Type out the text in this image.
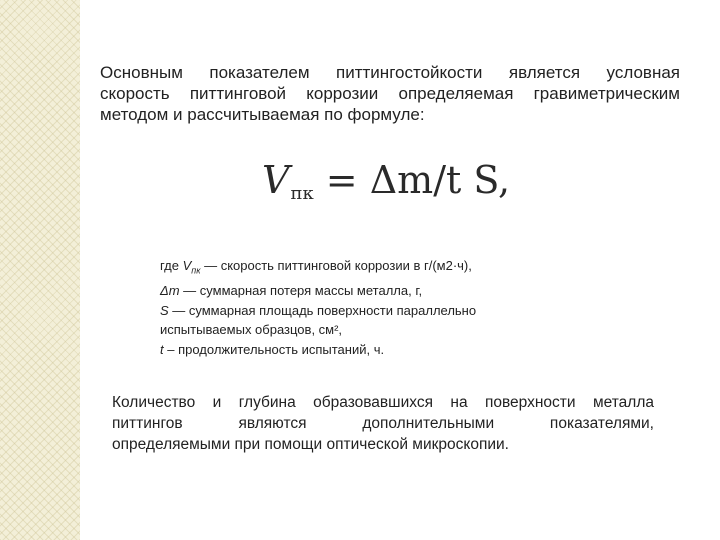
Основным показателем питтингостойкости является условная
скорость питтинговой коррозии определяемая гравиметрическим
методом и рассчитываемая по формуле:

$V_{пк} = \Delta m/t$ S,
где $V_{пк}$ — скорость питтинговой коррозии в г/(м2·ч),
Δm — суммарная потеря массы металла, г,
S — суммарная площадь поверхности параллельно
испытываемых образцов, см²,
t – продолжительность испытаний, ч.

Количество и глубина образовавшихся на поверхности металла
питтингов являются дополнительными показателями,
определяемыми при помощи оптической микроскопии.
